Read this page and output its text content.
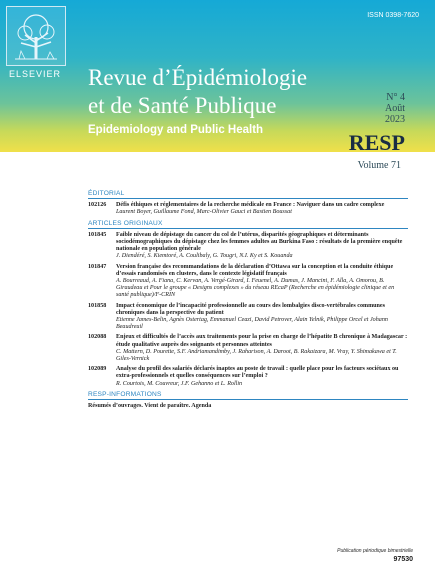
ELSEVIER
ISSN 0398-7620
Revue d’Épidémiologie
et de Santé Publique
Epidemiology and Public Health
N° 4
Août
2023
RESP
Volume 71
ÉDITORIAL
102126	Défis éthiques et réglementaires de la recherche médicale en France : Naviguer dans un cadre complexe
Laurent Boyer, Guillaume Fond, Marc-Olivier Gauci et Bastien Boussat
ARTICLES ORIGINAUX
101845	Faible niveau de dépistage du cancer du col de l’utérus, disparités géographiques et déterminants sociodémographiques du dépistage chez les femmes adultes au Burkina Faso : résultats de la première enquête nationale en population générale
J. Diendéré, S. Kiemtoré, A. Coulibaly, G. Tougri, N.I. Ky et S. Kouanda
101847	Version française des recommandations de la déclaration d’Ottawa sur la conception et la conduite éthique d’essais randomisés en clusters, dans le contexte législatif français
A. Bourreaud, A. Fiana, C. Kervan, A. Vergé-Girard, I. Feuenel, A. Dumas, J. Mancini, F. Alla, A. Omorou, B. Giraudeau et Pour le groupe « Designs complexes » du réseau REcaP (Recherche en épidémiologie clinique et en santé publique)/F-CRIN
101858	Impact économique de l’incapacité professionnelle au cours des lombalgies disco-vertébrales communes chroniques dans la perspective du patient
Etienne James-Belin, Agnès Ostertag, Emmanuel Ceazi, David Petrover, Alain Yelnik, Philippe Orcel et Johann Beaudreuil
102088	Enjeux et difficultés de l’accès aux traitements pour la prise en charge de l’hépatite B chronique à Madagascar : étude qualitative auprès des soignants et personnes atteintes
C. Mattern, D. Pourette, S.F. Andriamandimby, J. Raharison, A. Daroot, B. Rakaizara, M. Vray, Y. Shimakawa et T. Giles-Vernick
102089	Analyse du profil des salariés déclarés inaptes au poste de travail : quelle place pour les facteurs sociétaux ou extra-professionnels et quelles conséquences sur l’emploi ?
R. Courtois, M. Couvreur, J.F. Gehanno et L. Rollin
RESP-INFORMATIONS
Résumés d’ouvrages. Vient de paraître. Agenda
Publication périodique bimestrielle
97530
